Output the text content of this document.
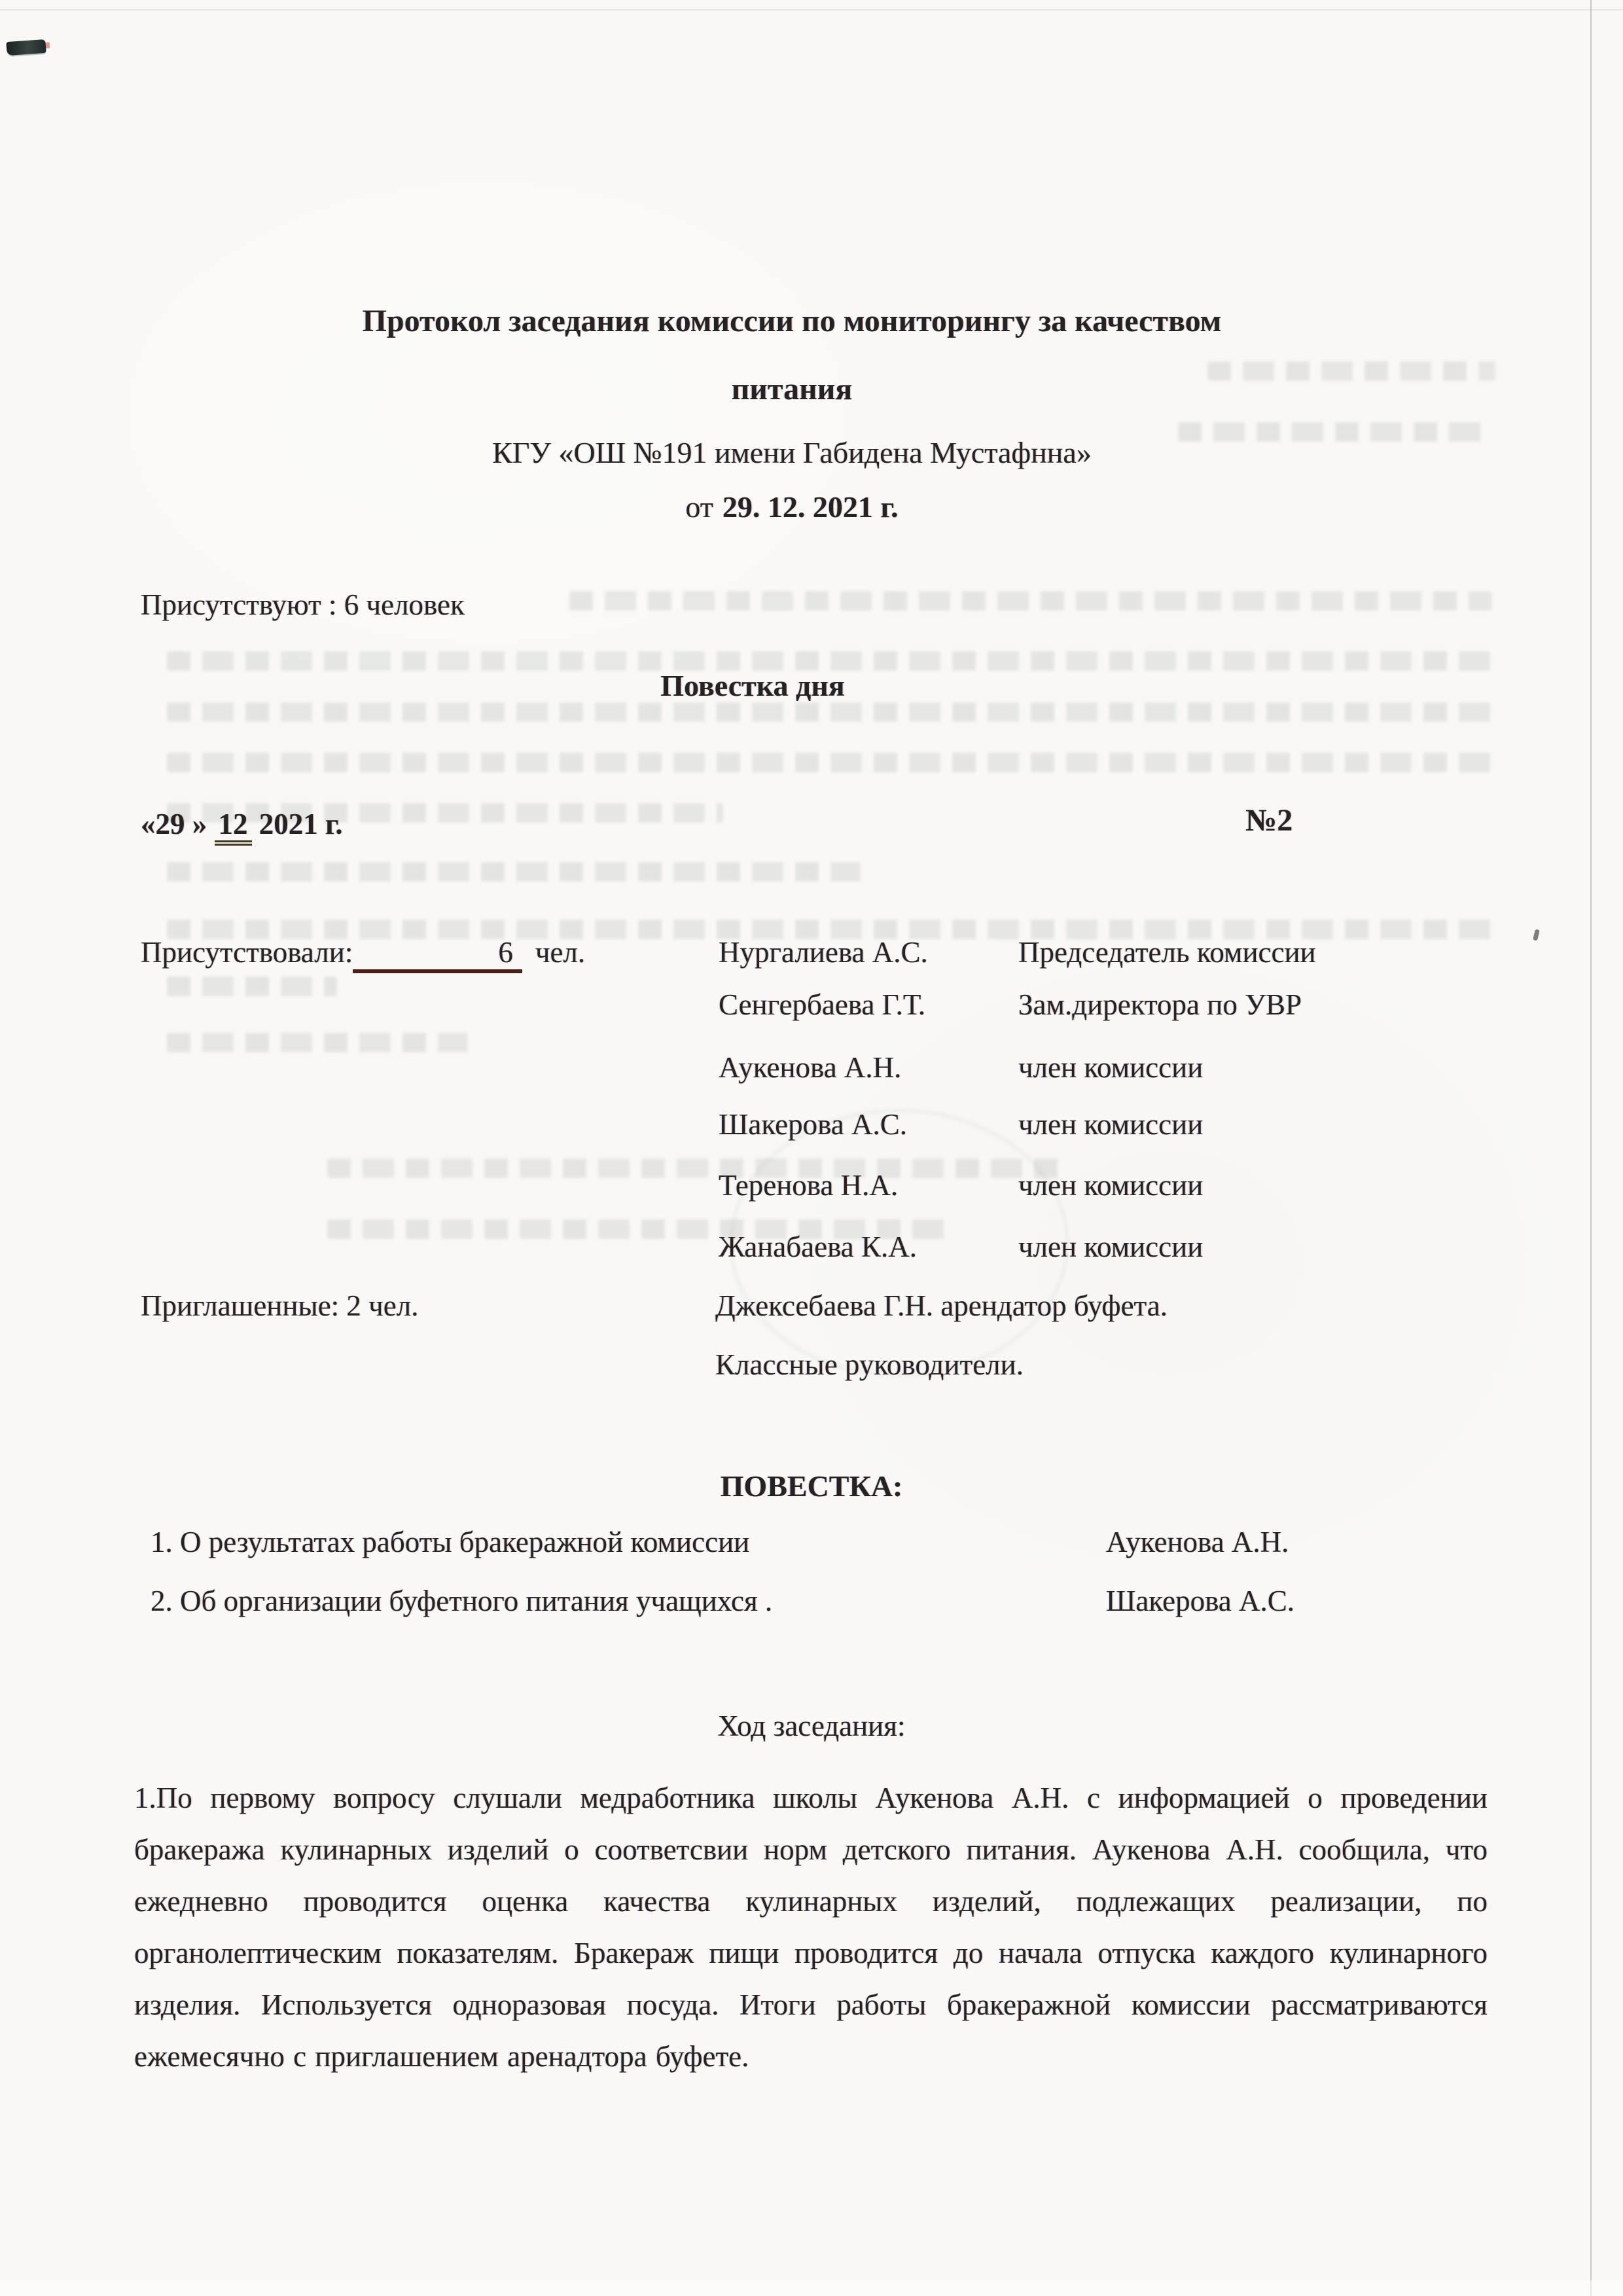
Протокол заседания комиссии по мониторингу за качеством
питания
КГУ «ОШ №191 имени Габидена Мустафнна»
от 29. 12. 2021 г.
Присутствуют : 6 человек
Повестка дня
«29 » 12 2021 г.	№2
Присутствовали:	6 чел.	Нургалиева А.С.	Председатель комиссии
Сенгербаева Г.Т.	Зам.директора по УВР
Аукенова А.Н.	член комиссии
Шакерова А.С.	член комиссии
Теренова Н.А.	член комиссии
Жанабаева К.А.	член комиссии
Приглашенные: 2 чел.	Джексебаева Г.Н. арендатор буфета.
Классные руководители.
ПОВЕСТКА:
1. О результатах работы бракеражной комиссии	Аукенова А.Н.
2. Об организации буфетного питания учащихся .	Шакерова А.С.
Ход заседания:
1.По первому вопросу слушали медработника школы Аукенова А.Н. с информацией о проведении бракеража кулинарных изделий о соответсвии норм детского питания. Аукенова А.Н. сообщила, что ежедневно проводится оценка качества кулинарных изделий, подлежащих реализации, по органолептическим показателям. Бракераж пищи проводится до начала отпуска каждого кулинарного изделия. Используется одноразовая посуда. Итоги работы бракеражной комиссии рассматриваются ежемесячно с приглашением аренадтора буфете.
